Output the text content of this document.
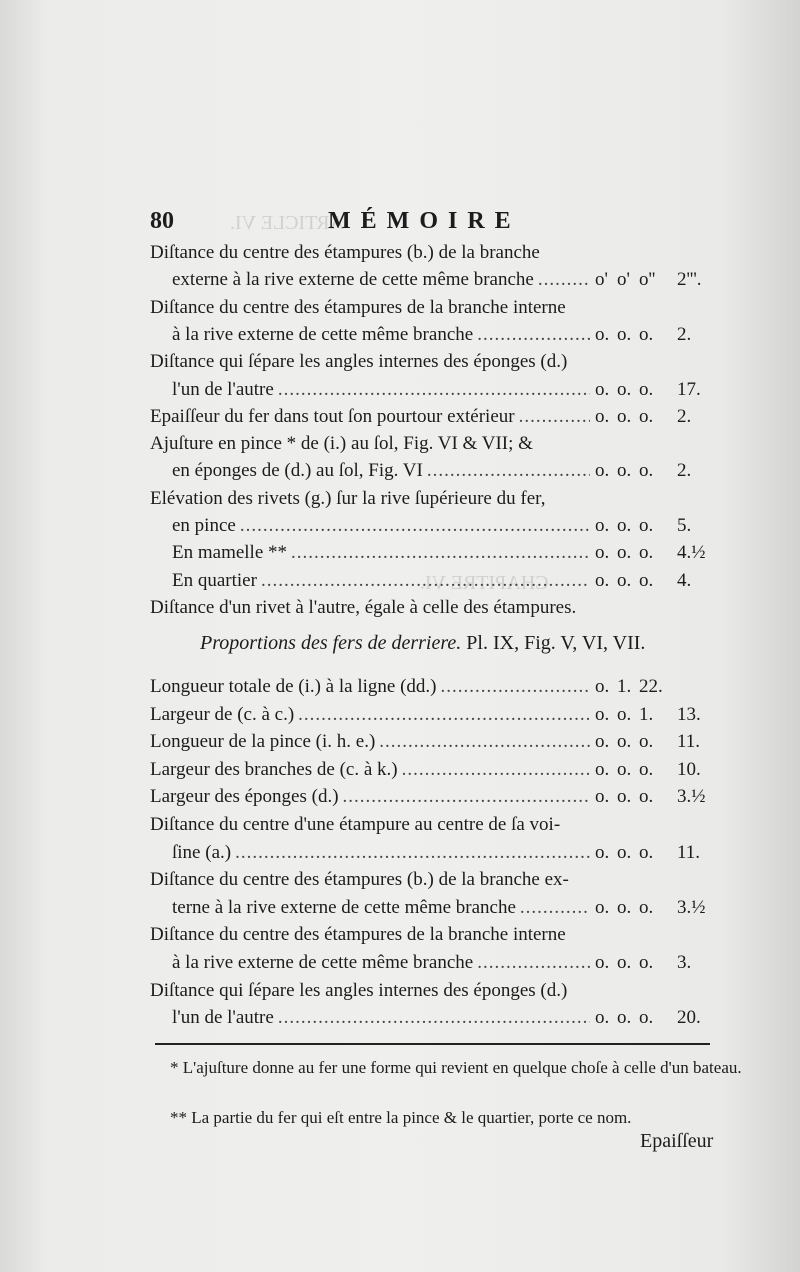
ARTICLE VI.
CHAPITRE VI.
80	MÉMOIRE
Diſtance du centre des étampures (b.) de la branche
externe à la rive externe de cette même branche	o' o' o'' 2'''.
.....
Diſtance du centre des étampures de la branche interne
à la rive externe de cette même branche	o. o. o. 2.
.....
Diſtance qui ſépare les angles internes des éponges (d.)
l'un de l'autre	o. o. o. 17.
.....
Epaiſſeur du fer dans tout ſon pourtour extérieur	o. o. o. 2.
.....
Ajuſture en pince * de (i.) au ſol, Fig. VI & VII; &
en éponges de (d.) au ſol, Fig. VI	o. o. o. 2.
.....
Elévation des rivets (g.) ſur la rive ſupérieure du fer,
en pince	o. o. o. 5.
.....
En mamelle **	o. o. o. 4.½
.....
En quartier	o. o. o. 4.
.....
Diſtance d'un rivet à l'autre, égale à celle des étampures.
Proportions des fers de derriere. Pl. IX, Fig. V, VI, VII.
Longueur totale de (i.) à la ligne (dd.)	o. 1. 22.
.....
Largeur de (c. à c.)	o. o. 1. 13.
.....
Longueur de la pince (i. h. e.)	o. o. o. 11.
.....
Largeur des branches de (c. à k.)	o. o. o. 10.
.....
Largeur des éponges (d.)	o. o. o. 3.½
.....
Diſtance du centre d'une étampure au centre de ſa voi-
ſine (a.)	o. o. o. 11.
.....
Diſtance du centre des étampures (b.) de la branche ex-
terne à la rive externe de cette même branche	o. o. o. 3.½
.....
Diſtance du centre des étampures de la branche interne
à la rive externe de cette même branche	o. o. o. 3.
.....
Diſtance qui ſépare les angles internes des éponges (d.)
l'un de l'autre	o. o. o. 20.
.....
* L'ajuſture donne au fer une forme qui revient en quelque choſe à celle d'un bateau.
** La partie du fer qui eſt entre la pince & le quartier, porte ce nom.
Epaiſſeur
